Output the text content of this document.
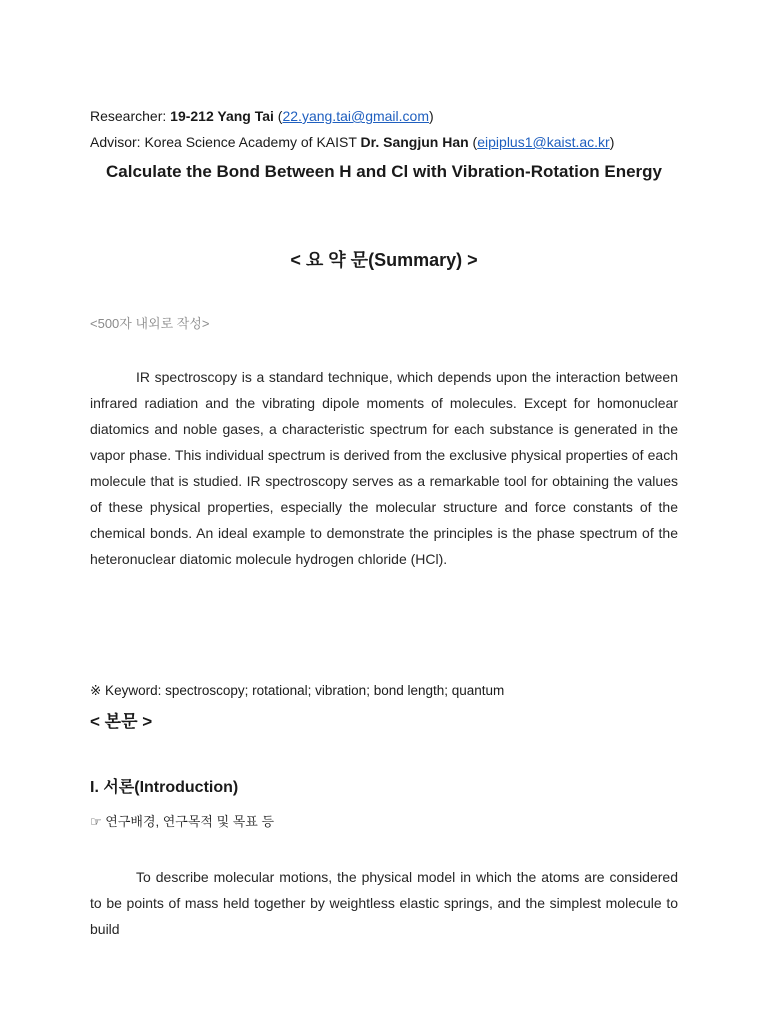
Researcher: 19-212 Yang Tai (22.yang.tai@gmail.com)
Advisor: Korea Science Academy of KAIST Dr. Sangjun Han (eipiplus1@kaist.ac.kr)
Calculate the Bond Between H and Cl with Vibration-Rotation Energy
< 요 약 문(Summary) >
<500자 내외로 작성>
IR spectroscopy is a standard technique, which depends upon the interaction between infrared radiation and the vibrating dipole moments of molecules. Except for homonuclear diatomics and noble gases, a characteristic spectrum for each substance is generated in the vapor phase. This individual spectrum is derived from the exclusive physical properties of each molecule that is studied. IR spectroscopy serves as a remarkable tool for obtaining the values of these physical properties, especially the molecular structure and force constants of the chemical bonds. An ideal example to demonstrate the principles is the phase spectrum of the heteronuclear diatomic molecule hydrogen chloride (HCl).
※ Keyword: spectroscopy; rotational; vibration; bond length; quantum
< 본문 >
I. 서론(Introduction)
☞ 연구배경, 연구목적 및 목표 등
To describe molecular motions, the physical model in which the atoms are considered to be points of mass held together by weightless elastic springs, and the simplest molecule to build
